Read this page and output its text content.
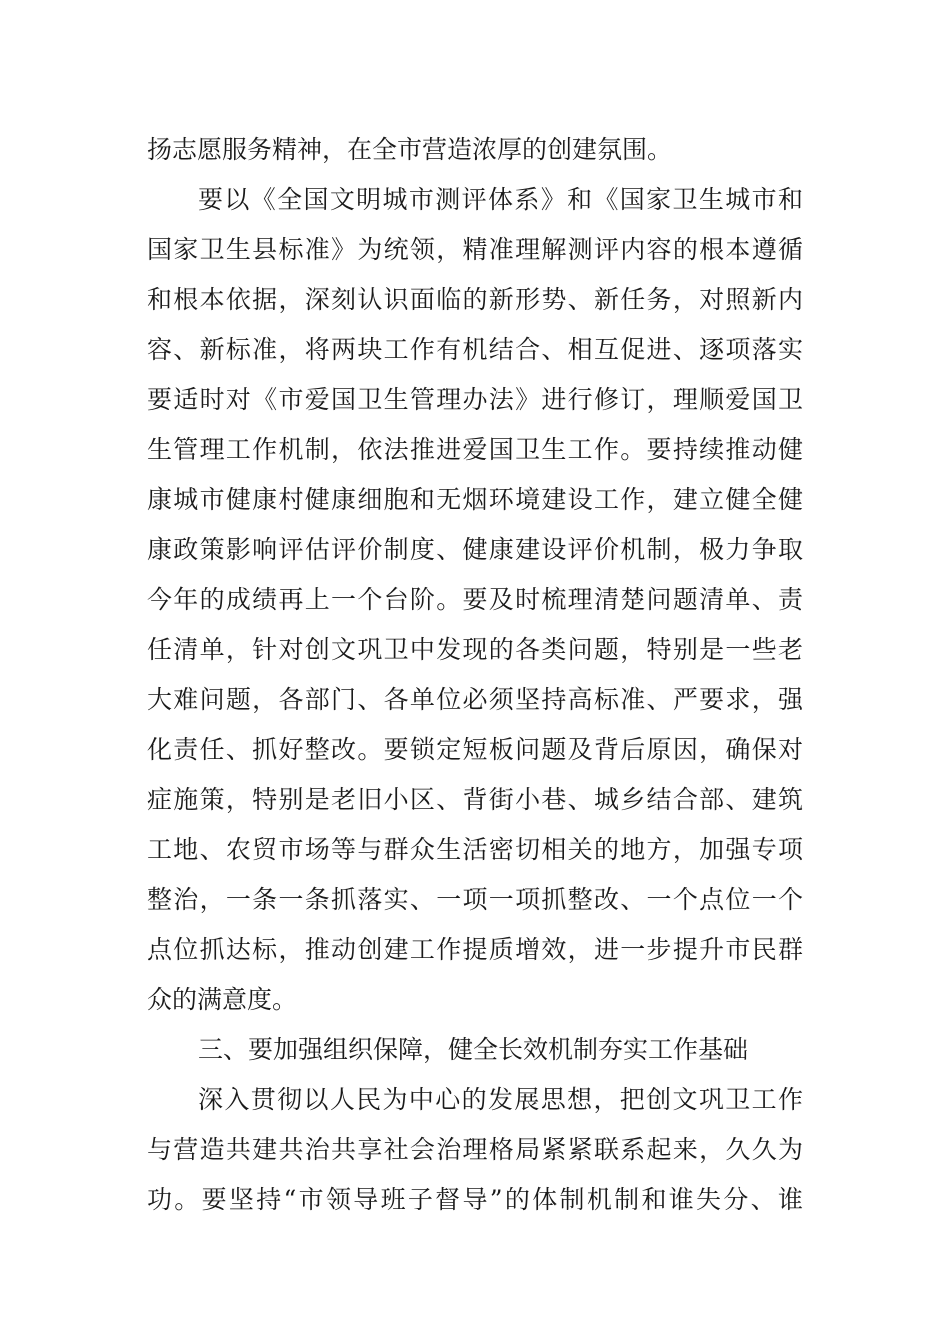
扬志愿服务精神，在全市营造浓厚的创建氛围。
要以《全国文明城市测评体系》和《国家卫生城市和
国家卫生县标准》为统领，精准理解测评内容的根本遵循
和根本依据，深刻认识面临的新形势、新任务，对照新内
容、新标准，将两块工作有机结合、相互促进、逐项落实
要适时对《市爱国卫生管理办法》进行修订，理顺爱国卫
生管理工作机制，依法推进爱国卫生工作。要持续推动健
康城市健康村健康细胞和无烟环境建设工作，建立健全健
康政策影响评估评价制度、健康建设评价机制，极力争取
今年的成绩再上一个台阶。要及时梳理清楚问题清单、责
任清单，针对创文巩卫中发现的各类问题，特别是一些老
大难问题，各部门、各单位必须坚持高标准、严要求，强
化责任、抓好整改。要锁定短板问题及背后原因，确保对
症施策，特别是老旧小区、背街小巷、城乡结合部、建筑
工地、农贸市场等与群众生活密切相关的地方，加强专项
整治，一条一条抓落实、一项一项抓整改、一个点位一个
点位抓达标，推动创建工作提质增效，进一步提升市民群
众的满意度。
三、要加强组织保障，健全长效机制夯实工作基础
深入贯彻以人民为中心的发展思想，把创文巩卫工作
与营造共建共治共享社会治理格局紧紧联系起来，久久为
功。要坚持“市领导班子督导”的体制机制和谁失分、谁
